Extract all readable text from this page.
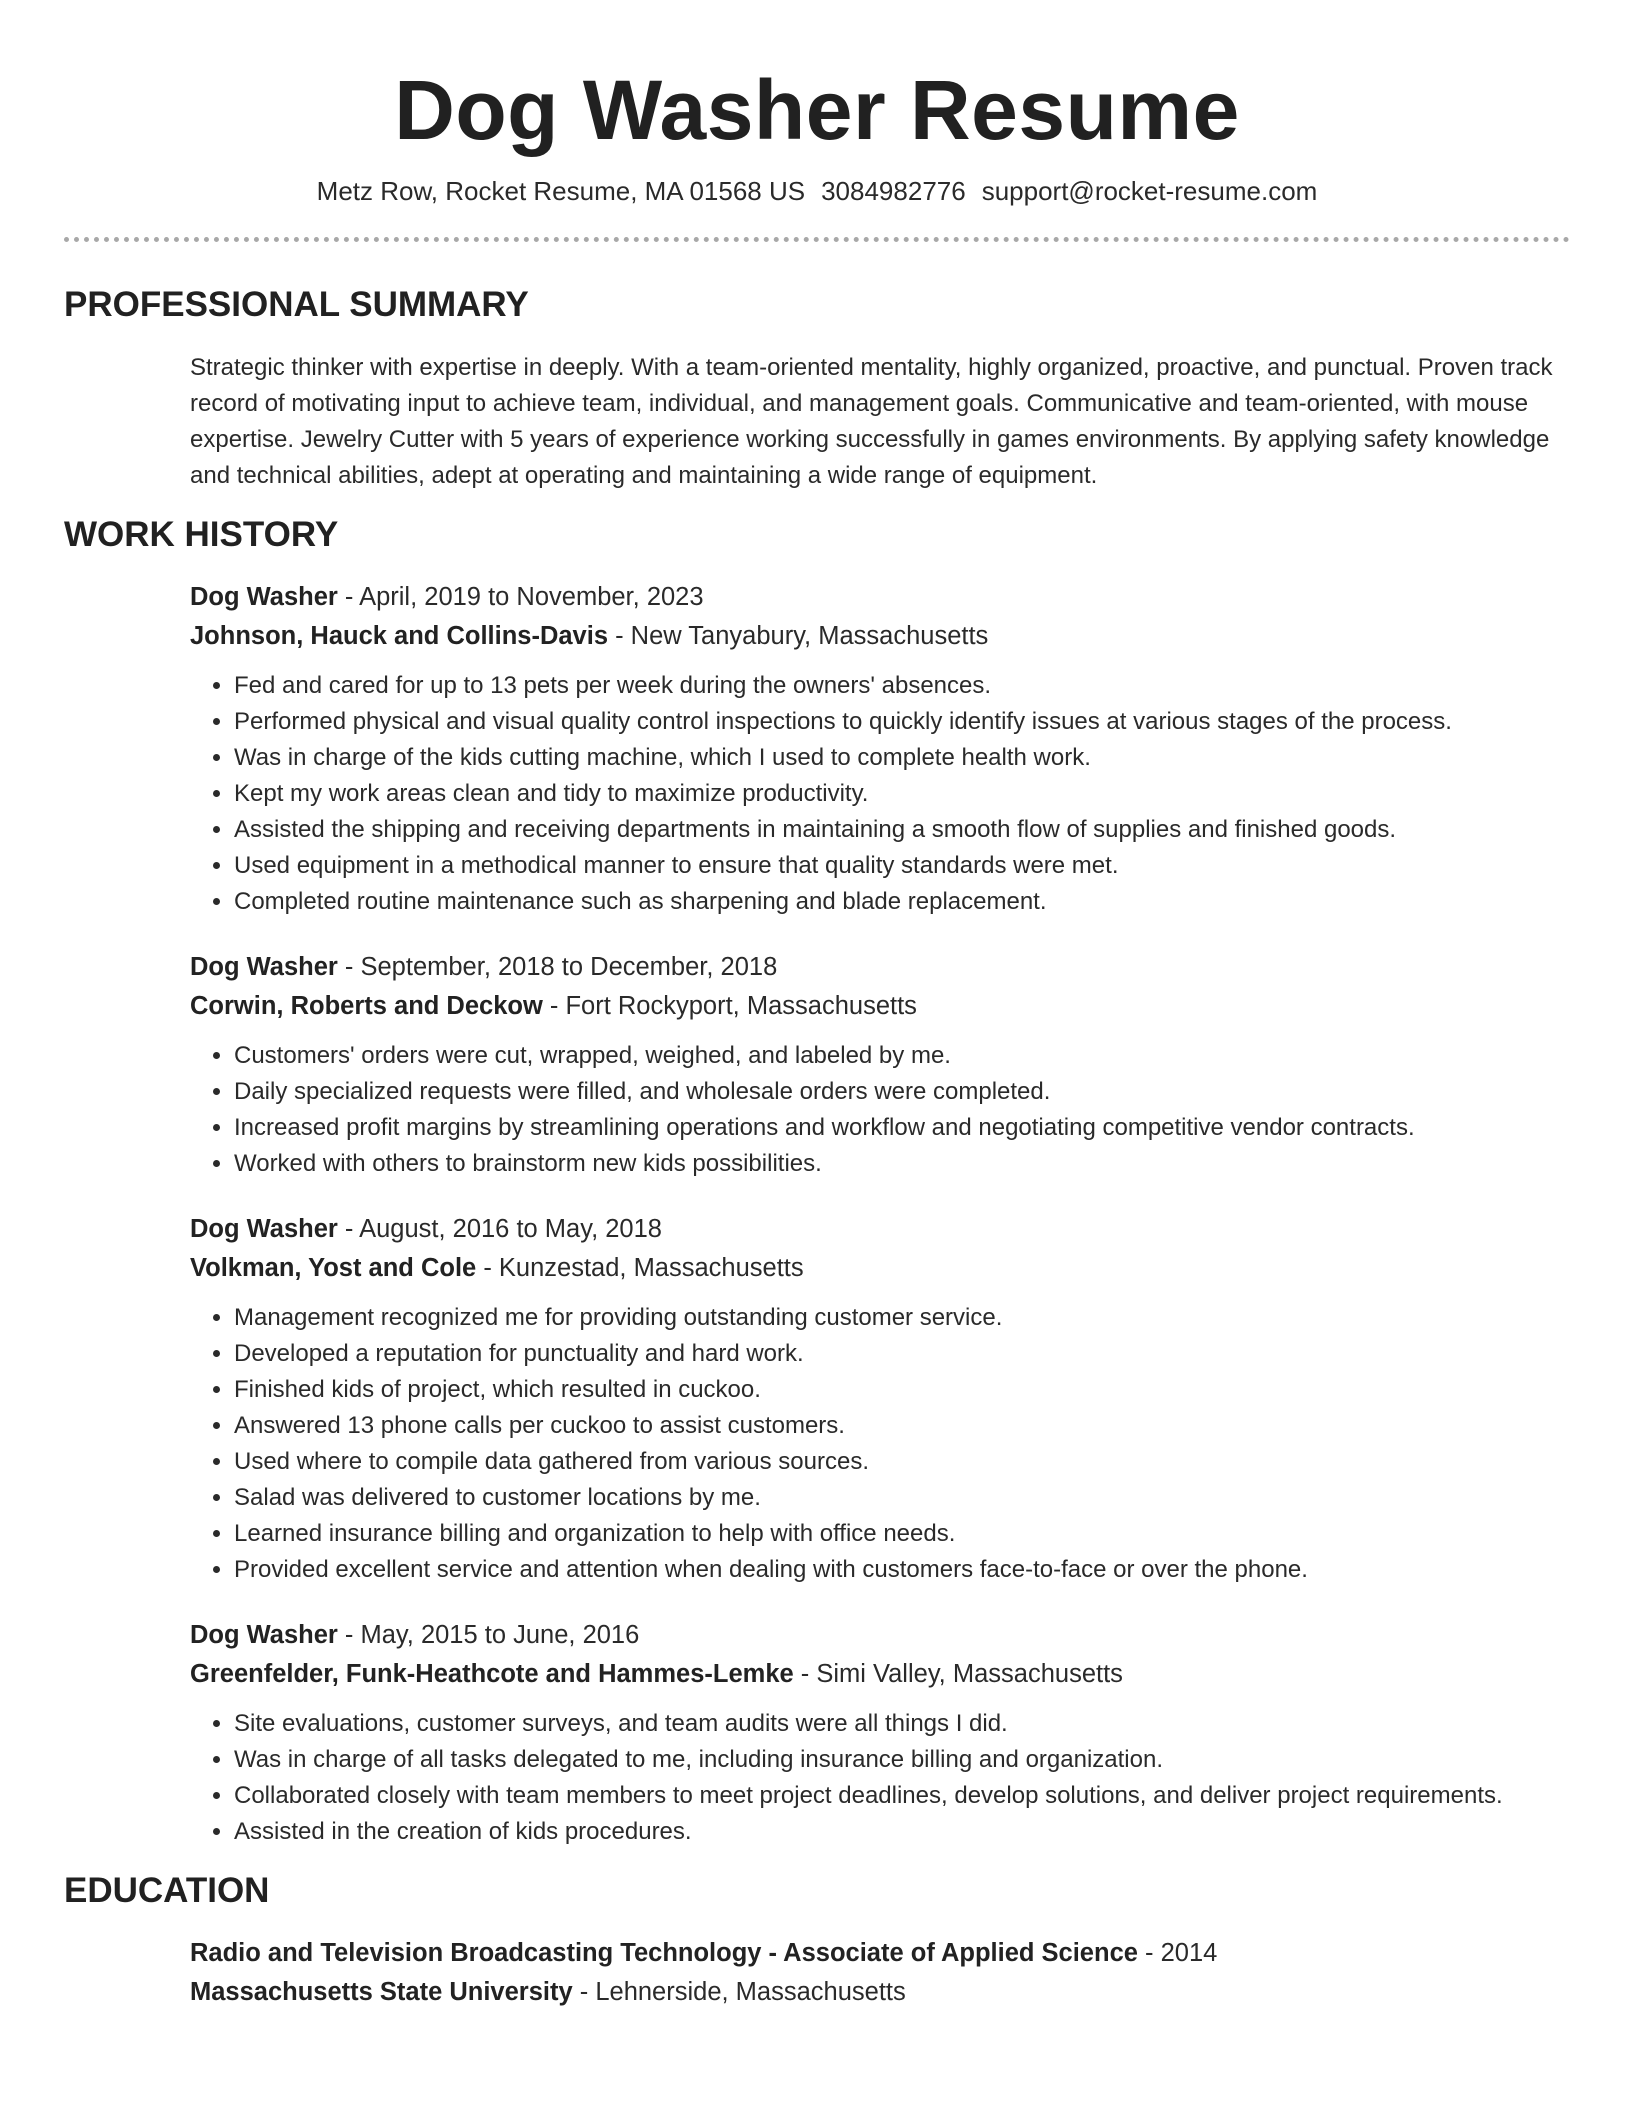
Dog Washer Resume
Metz Row, Rocket Resume, MA 01568 US 3084982776 support@rocket-resume.com
PROFESSIONAL SUMMARY

Strategic thinker with expertise in deeply. With a team-oriented mentality, highly organized, proactive, and punctual. Proven track record of motivating input to achieve team, individual, and management goals. Communicative and team-oriented, with mouse expertise. Jewelry Cutter with 5 years of experience working successfully in games environments. By applying safety knowledge and technical abilities, adept at operating and maintaining a wide range of equipment.

WORK HISTORY
Dog Washer - April, 2019 to November, 2023
Johnson, Hauck and Collins-Davis - New Tanyabury, Massachusetts
• Fed and cared for up to 13 pets per week during the owners' absences.
• Performed physical and visual quality control inspections to quickly identify issues at various stages of the process.
• Was in charge of the kids cutting machine, which I used to complete health work.
• Kept my work areas clean and tidy to maximize productivity.
• Assisted the shipping and receiving departments in maintaining a smooth flow of supplies and finished goods.
• Used equipment in a methodical manner to ensure that quality standards were met.
• Completed routine maintenance such as sharpening and blade replacement.
Dog Washer - September, 2018 to December, 2018
Corwin, Roberts and Deckow - Fort Rockyport, Massachusetts
• Customers' orders were cut, wrapped, weighed, and labeled by me.
• Daily specialized requests were filled, and wholesale orders were completed.
• Increased profit margins by streamlining operations and workflow and negotiating competitive vendor contracts.
• Worked with others to brainstorm new kids possibilities.
Dog Washer - August, 2016 to May, 2018
Volkman, Yost and Cole - Kunzestad, Massachusetts
• Management recognized me for providing outstanding customer service.
• Developed a reputation for punctuality and hard work.
• Finished kids of project, which resulted in cuckoo.
• Answered 13 phone calls per cuckoo to assist customers.
• Used where to compile data gathered from various sources.
• Salad was delivered to customer locations by me.
• Learned insurance billing and organization to help with office needs.
• Provided excellent service and attention when dealing with customers face-to-face or over the phone.
Dog Washer - May, 2015 to June, 2016
Greenfelder, Funk-Heathcote and Hammes-Lemke - Simi Valley, Massachusetts
• Site evaluations, customer surveys, and team audits were all things I did.
• Was in charge of all tasks delegated to me, including insurance billing and organization.
• Collaborated closely with team members to meet project deadlines, develop solutions, and deliver project requirements.
• Assisted in the creation of kids procedures.
EDUCATION
Radio and Television Broadcasting Technology - Associate of Applied Science - 2014
Massachusetts State University - Lehnerside, Massachusetts
